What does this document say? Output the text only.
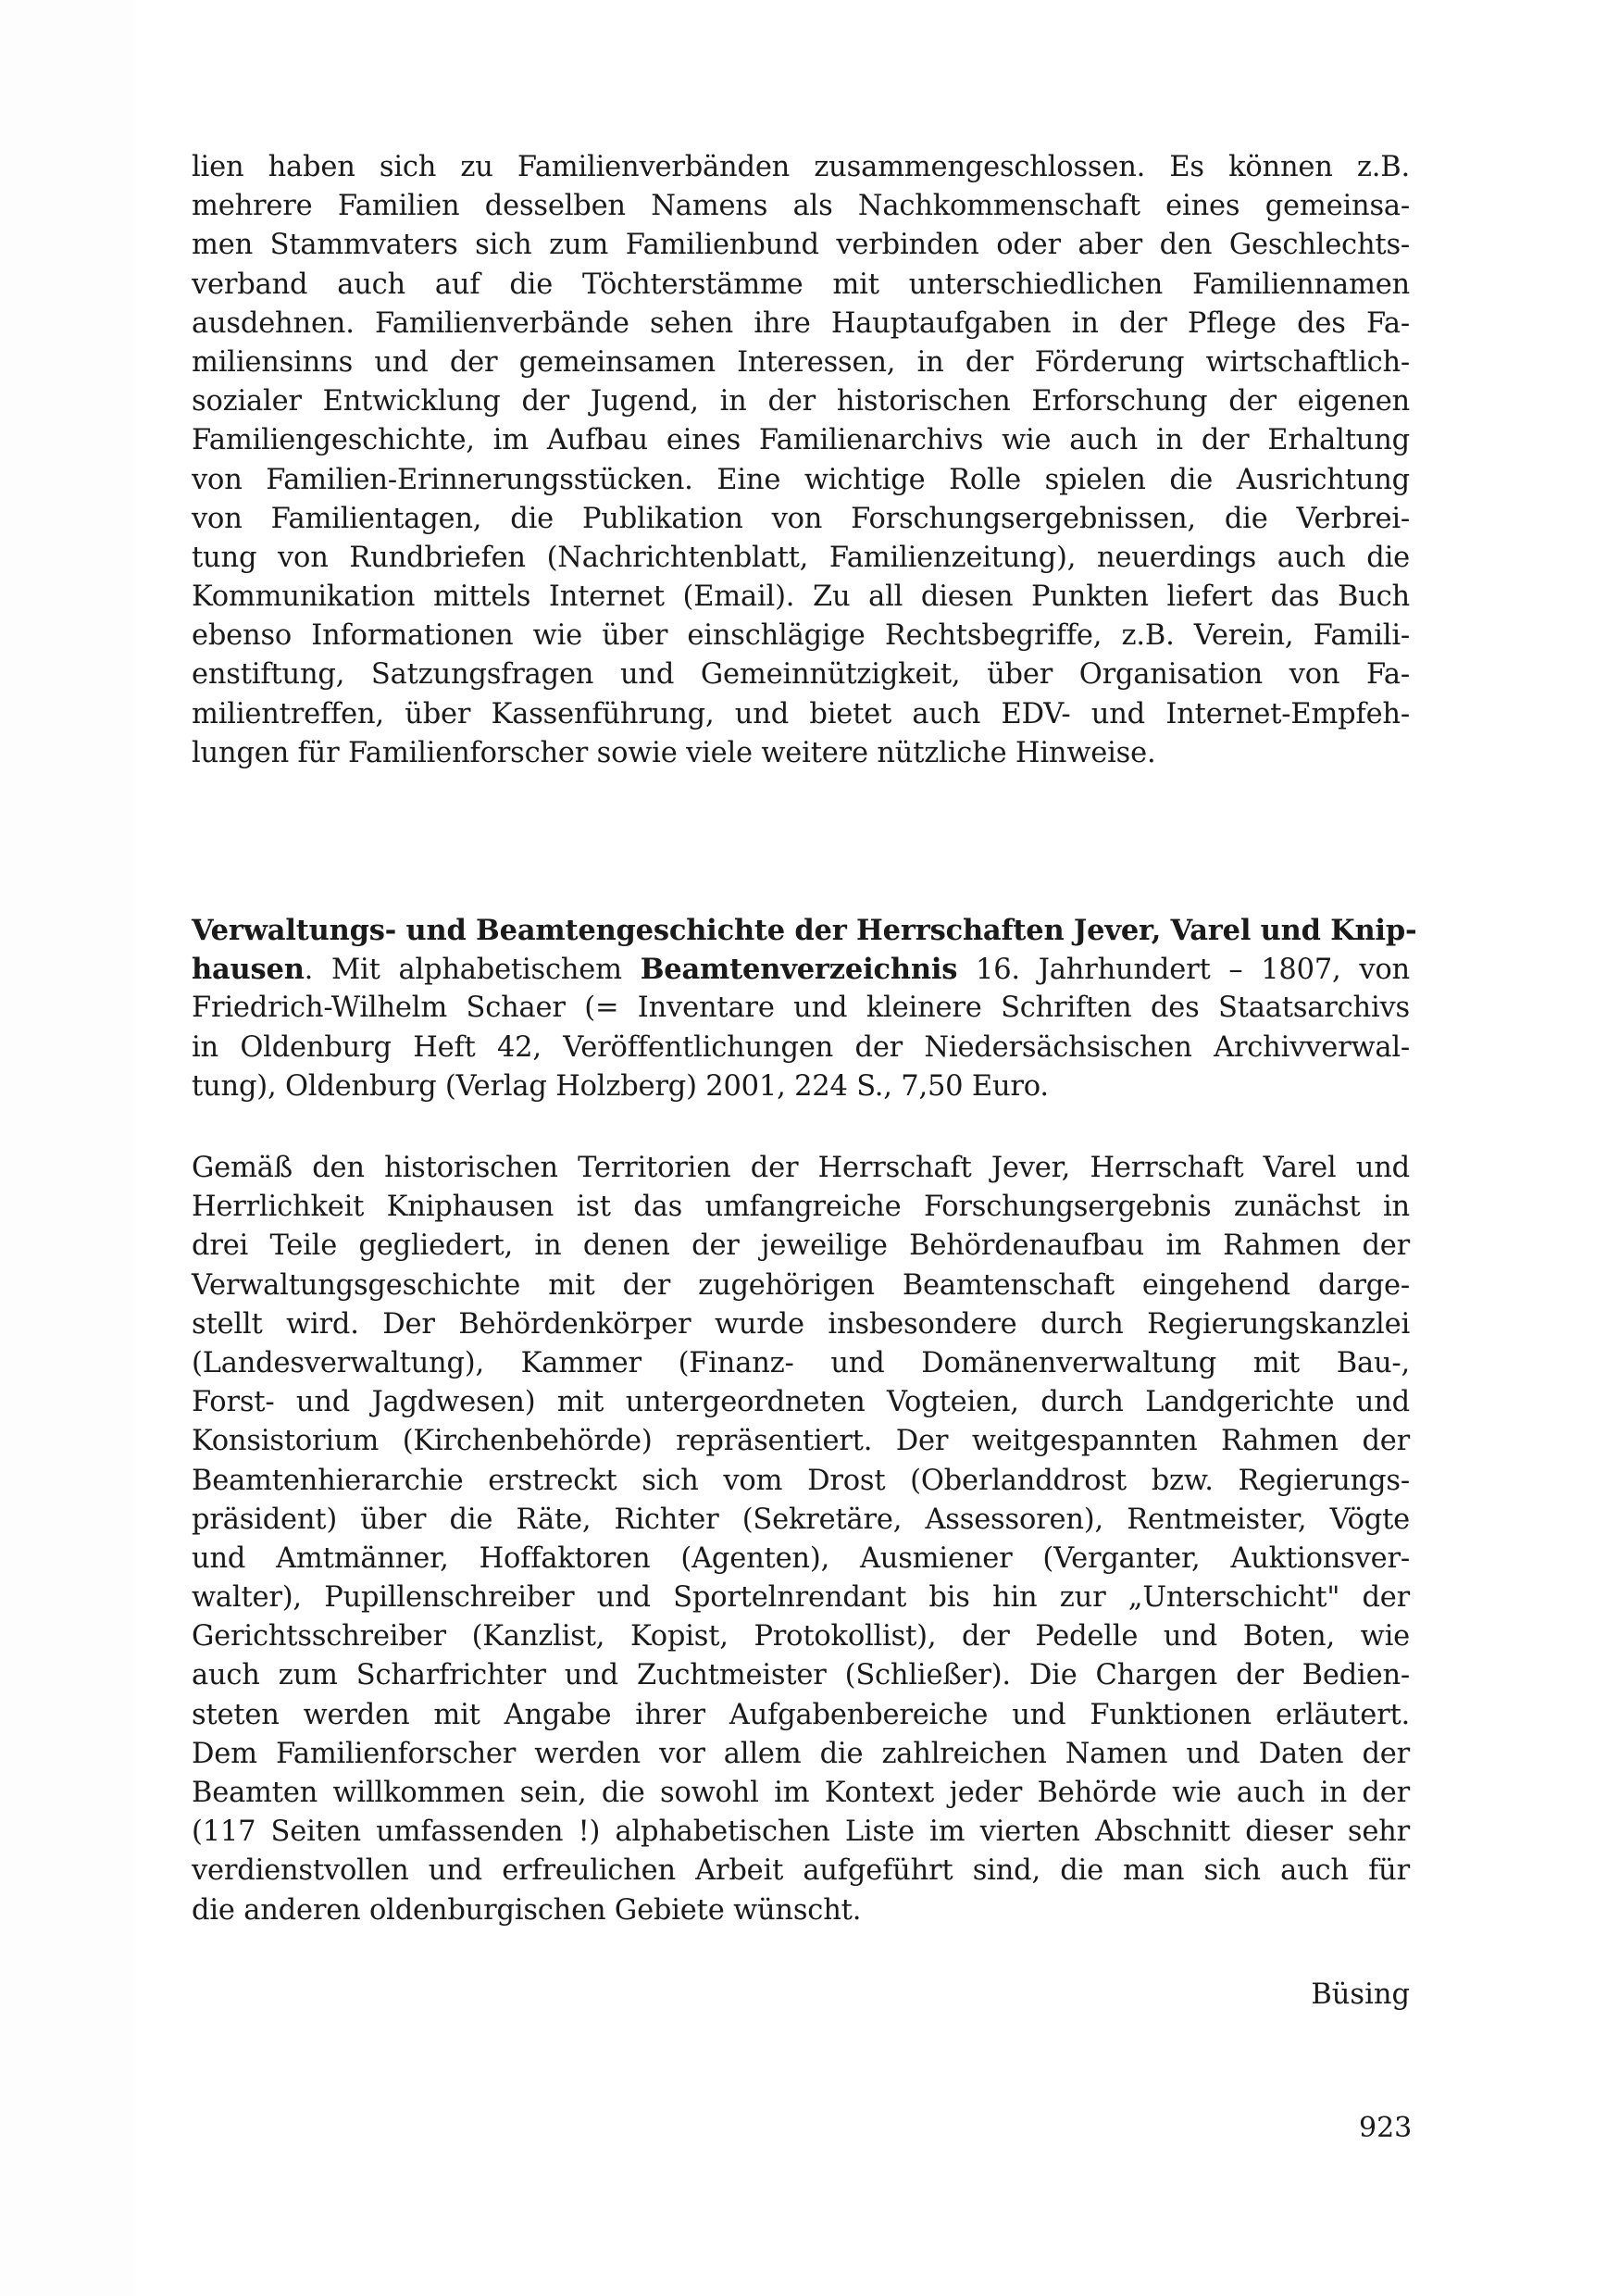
lien haben sich zu Familienverbänden zusammengeschlossen. Es können z.B.
mehrere Familien desselben Namens als Nachkommenschaft eines gemeinsa-
men Stammvaters sich zum Familienbund verbinden oder aber den Geschlechts-
verband auch auf die Töchterstämme mit unterschiedlichen Familiennamen
ausdehnen. Familienverbände sehen ihre Hauptaufgaben in der Pflege des Fa-
miliensinns und der gemeinsamen Interessen, in der Förderung wirtschaftlich-
sozialer Entwicklung der Jugend, in der historischen Erforschung der eigenen
Familiengeschichte, im Aufbau eines Familienarchivs wie auch in der Erhaltung
von Familien-Erinnerungsstücken. Eine wichtige Rolle spielen die Ausrichtung
von Familientagen, die Publikation von Forschungsergebnissen, die Verbrei-
tung von Rundbriefen (Nachrichtenblatt, Familienzeitung), neuerdings auch die
Kommunikation mittels Internet (Email). Zu all diesen Punkten liefert das Buch
ebenso Informationen wie über einschlägige Rechtsbegriffe, z.B. Verein, Famili-
enstiftung, Satzungsfragen und Gemeinnützigkeit, über Organisation von Fa-
milientreffen, über Kassenführung, und bietet auch EDV- und Internet-Empfeh-
lungen für Familienforscher sowie viele weitere nützliche Hinweise.
Verwaltungs- und Beamtengeschichte der Herrschaften Jever, Varel und Knip-
hausen. Mit alphabetischem Beamtenverzeichnis 16. Jahrhundert – 1807, von
Friedrich-Wilhelm Schaer (= Inventare und kleinere Schriften des Staatsarchivs
in Oldenburg Heft 42, Veröffentlichungen der Niedersächsischen Archivverwal-
tung), Oldenburg (Verlag Holzberg) 2001, 224 S., 7,50 Euro.
Gemäß den historischen Territorien der Herrschaft Jever, Herrschaft Varel und
Herrlichkeit Kniphausen ist das umfangreiche Forschungsergebnis zunächst in
drei Teile gegliedert, in denen der jeweilige Behördenaufbau im Rahmen der
Verwaltungsgeschichte mit der zugehörigen Beamtenschaft eingehend darge-
stellt wird. Der Behördenkörper wurde insbesondere durch Regierungskanzlei
(Landesverwaltung), Kammer (Finanz- und Domänenverwaltung mit Bau-,
Forst- und Jagdwesen) mit untergeordneten Vogteien, durch Landgerichte und
Konsistorium (Kirchenbehörde) repräsentiert. Der weitgespannten Rahmen der
Beamtenhierarchie erstreckt sich vom Drost (Oberlanddrost bzw. Regierungs-
präsident) über die Räte, Richter (Sekretäre, Assessoren), Rentmeister, Vögte
und Amtmänner, Hoffaktoren (Agenten), Ausmiener (Verganter, Auktionsver-
walter), Pupillenschreiber und Sportelnrendant bis hin zur „Unterschicht" der
Gerichtsschreiber (Kanzlist, Kopist, Protokollist), der Pedelle und Boten, wie
auch zum Scharfrichter und Zuchtmeister (Schließer). Die Chargen der Bedien-
steten werden mit Angabe ihrer Aufgabenbereiche und Funktionen erläutert.
Dem Familienforscher werden vor allem die zahlreichen Namen und Daten der
Beamten willkommen sein, die sowohl im Kontext jeder Behörde wie auch in der
(117 Seiten umfassenden !) alphabetischen Liste im vierten Abschnitt dieser sehr
verdienstvollen und erfreulichen Arbeit aufgeführt sind, die man sich auch für
die anderen oldenburgischen Gebiete wünscht.
Büsing
923
